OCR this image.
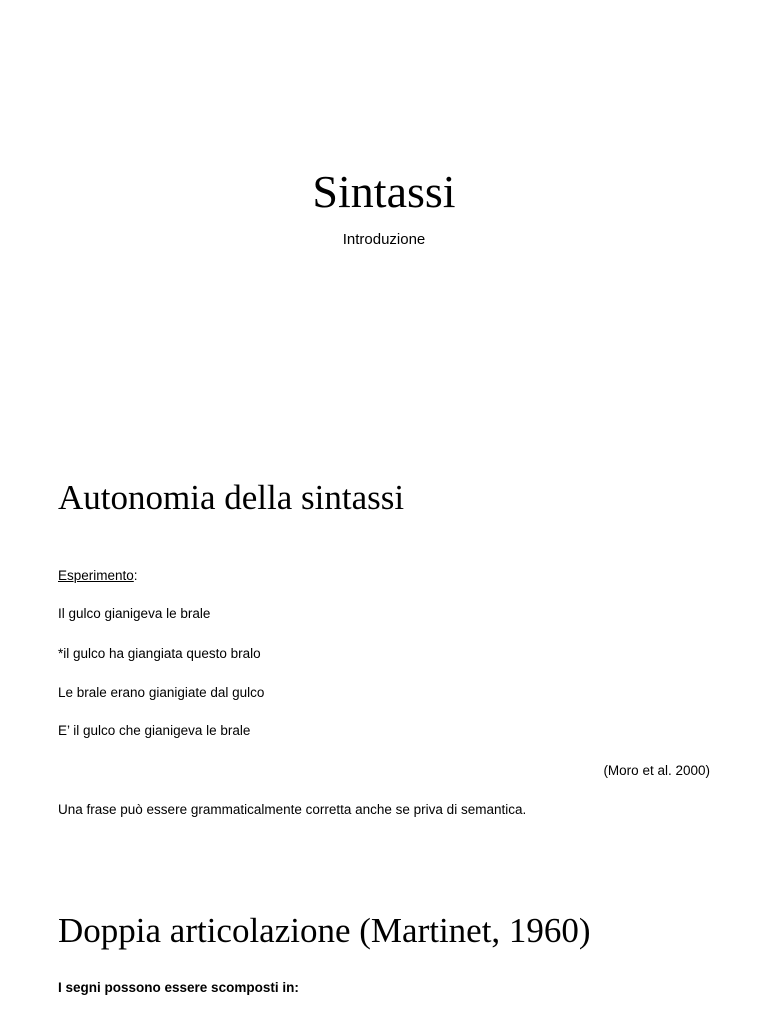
Sintassi
Introduzione
Autonomia della sintassi
Esperimento:
Il gulco gianigeva le brale
*il gulco ha giangiata questo bralo
Le brale erano gianigiate dal gulco
E’ il gulco che gianigeva le brale
(Moro et al. 2000)
Una frase può essere grammaticalmente corretta anche se priva di semantica.
Doppia articolazione (Martinet, 1960)
I segni possono essere scomposti in:
